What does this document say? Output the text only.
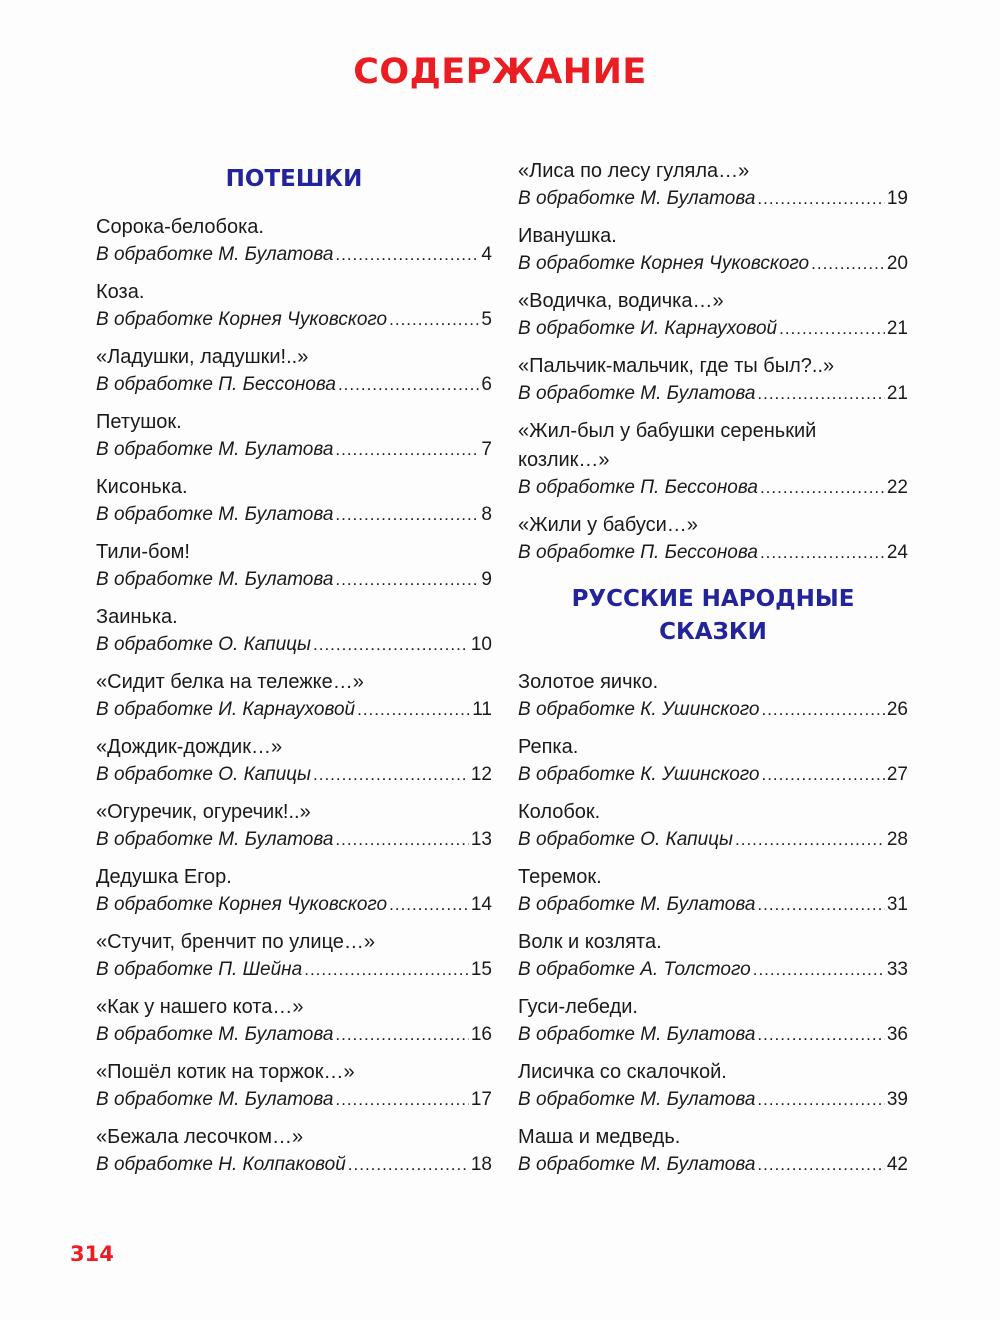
СОДЕРЖАНИЕ
ПОТЕШКИ
Сорока-белобока.
В обработке М. Булатова .....	4
Коза.
В обработке Корнея Чуковского .....	5
«Ладушки, ладушки!..»
В обработке П. Бессонова .....	6
Петушок.
В обработке М. Булатова .....	7
Кисонька.
В обработке М. Булатова .....	8
Тили-бом!
В обработке М. Булатова .....	9
Заинька.
В обработке О. Капицы .....	10
«Сидит белка на тележке…»
В обработке И. Карнауховой .....	11
«Дождик-дождик…»
В обработке О. Капицы .....	12
«Огуречик, огуречик!..»
В обработке М. Булатова .....	13
Дедушка Егор.
В обработке Корнея Чуковского .....	14
«Стучит, бренчит по улице…»
В обработке П. Шейна .....	15
«Как у нашего кота…»
В обработке М. Булатова .....	16
«Пошёл котик на торжок…»
В обработке М. Булатова .....	17
«Бежала лесочком…»
В обработке Н. Колпаковой .....	18
«Лиса по лесу гуляла…»
В обработке М. Булатова .....	19
Иванушка.
В обработке Корнея Чуковского .....	20
«Водичка, водичка…»
В обработке И. Карнауховой .....	21
«Пальчик-мальчик, где ты был?..»
В обработке М. Булатова .....	21
«Жил-был у бабушки серенький козлик…»
В обработке П. Бессонова .....	22
«Жили у бабуси…»
В обработке П. Бессонова .....	24
РУССКИЕ НАРОДНЫЕ СКАЗКИ
Золотое яичко.
В обработке К. Ушинского .....	26
Репка.
В обработке К. Ушинского .....	27
Колобок.
В обработке О. Капицы .....	28
Теремок.
В обработке М. Булатова .....	31
Волк и козлята.
В обработке А. Толстого .....	33
Гуси-лебеди.
В обработке М. Булатова .....	36
Лисичка со скалочкой.
В обработке М. Булатова .....	39
Маша и медведь.
В обработке М. Булатова .....	42
314
